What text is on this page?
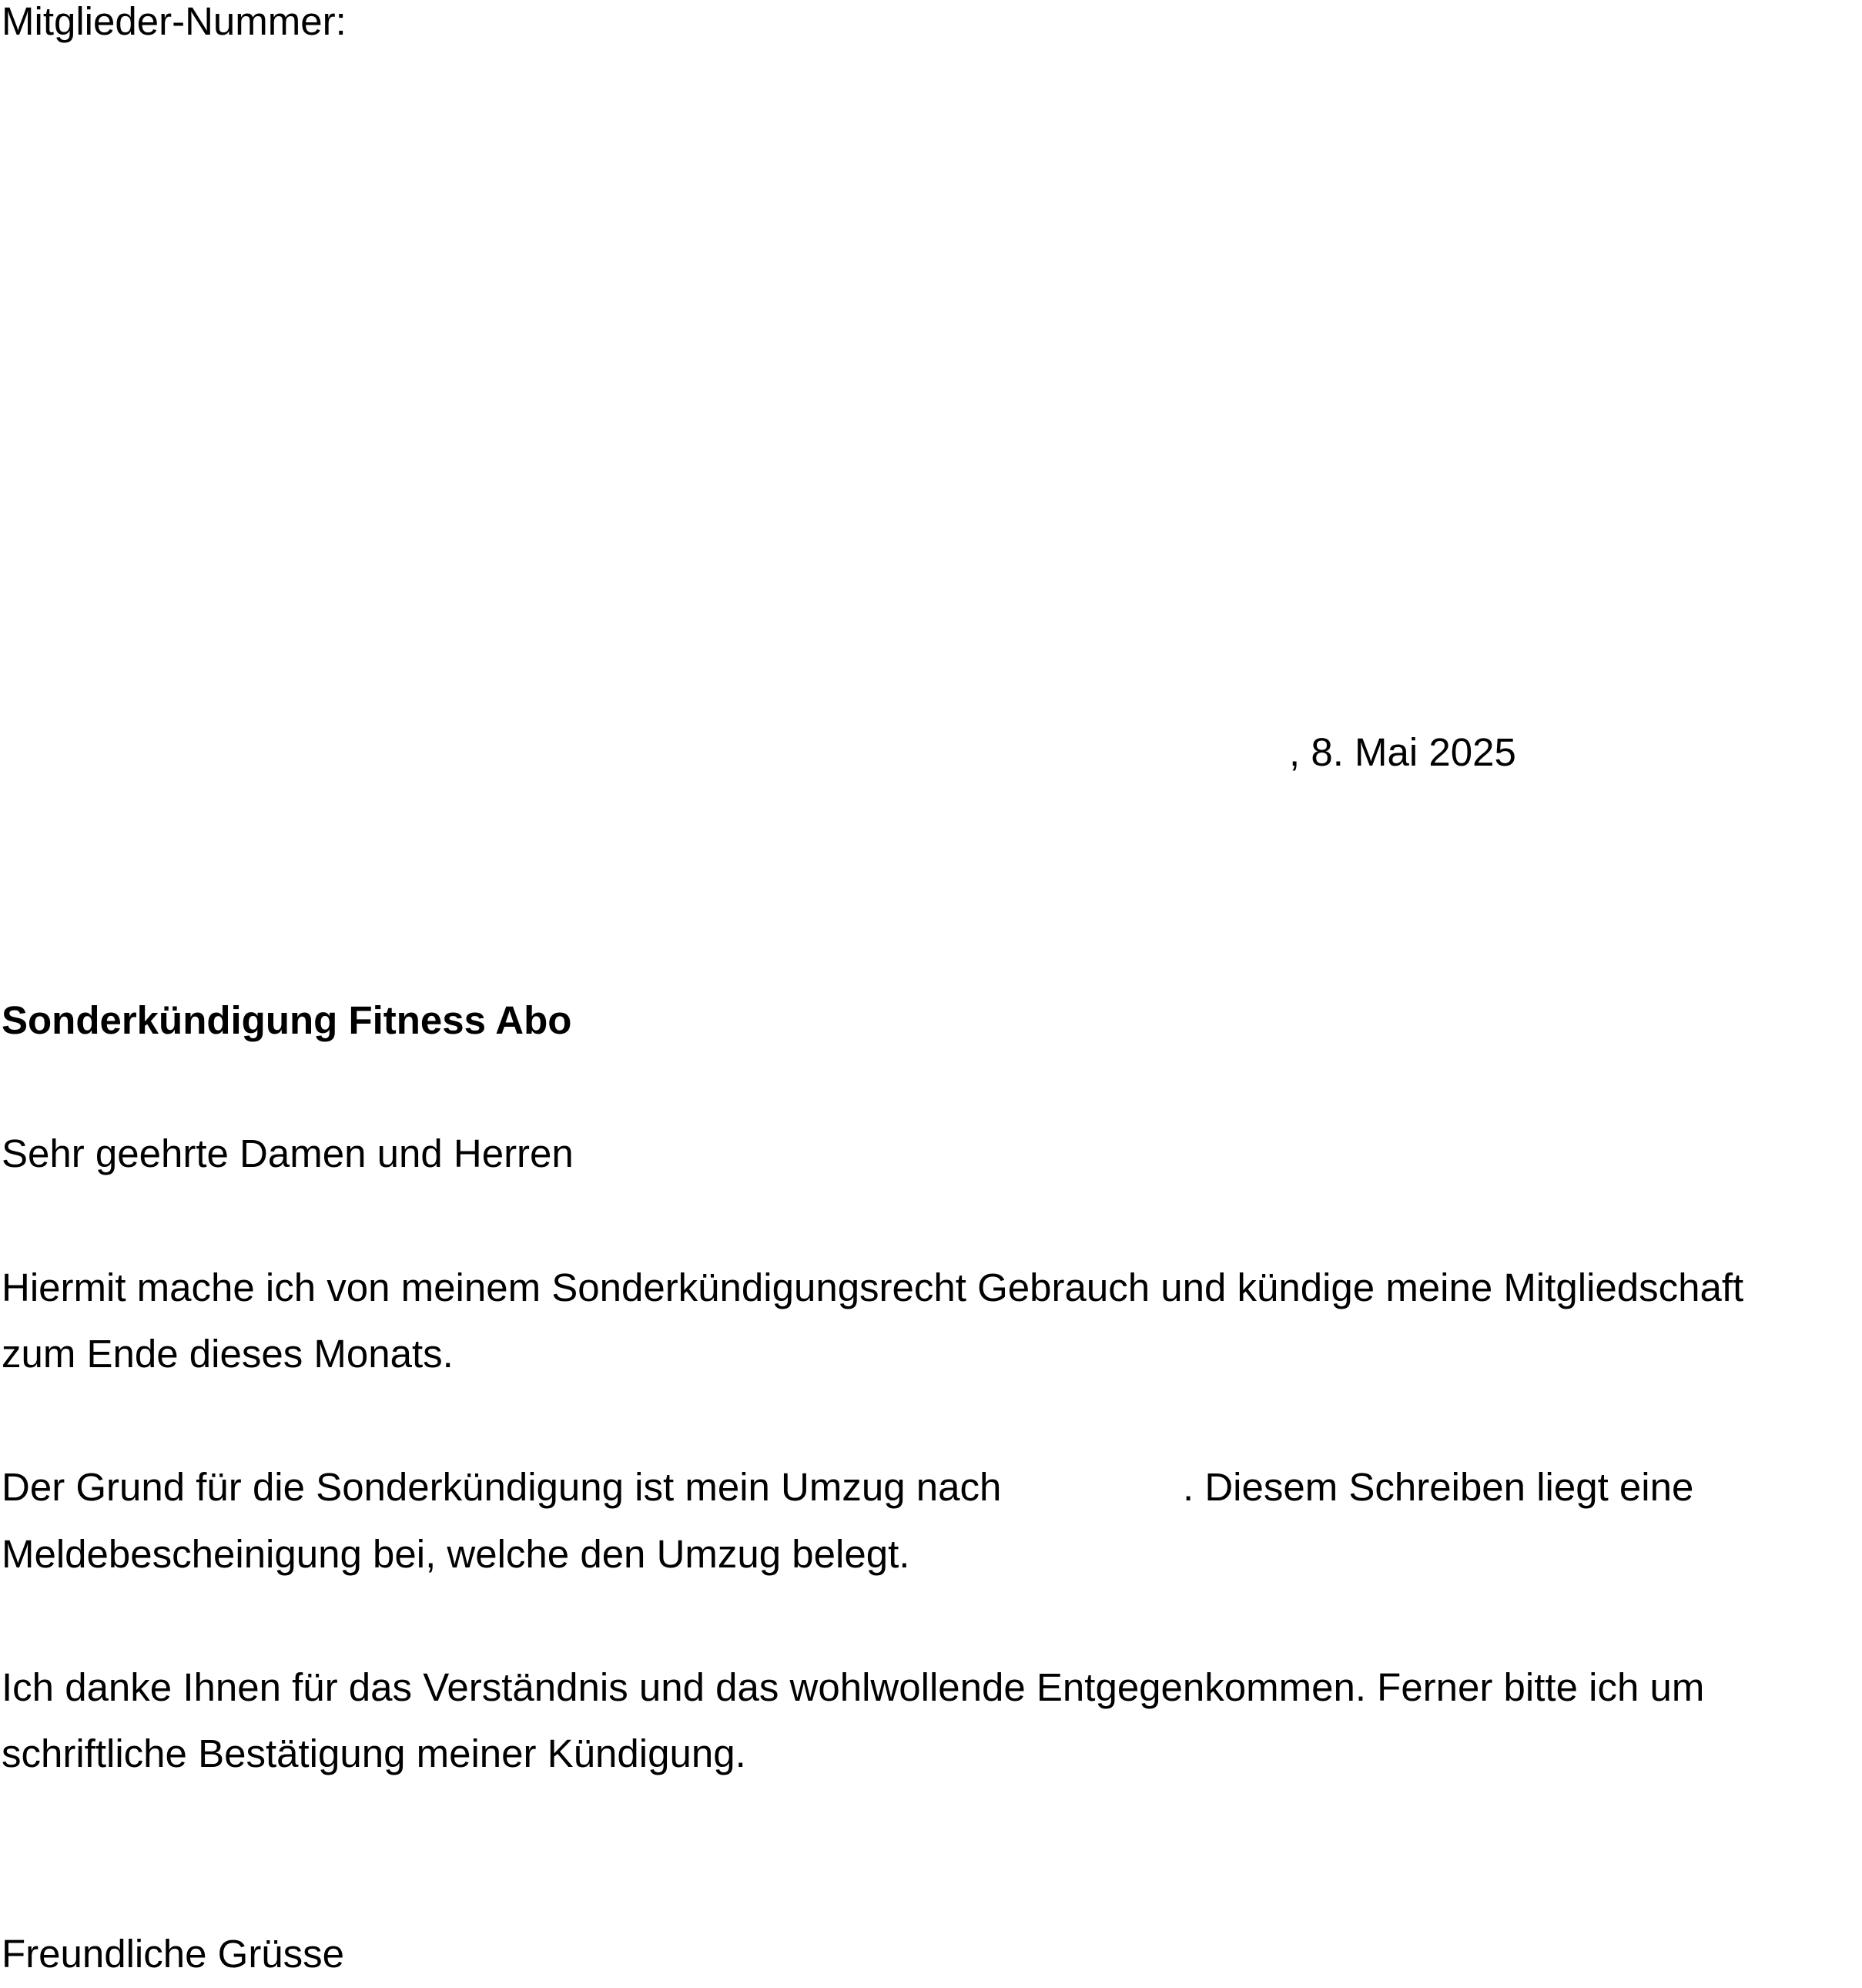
Mitglieder-Nummer:

, 8. Mai 2025

Sonderkündigung Fitness Abo

Sehr geehrte Damen und Herren

Hiermit mache ich von meinem Sonderkündigungsrecht Gebrauch und kündige meine Mitgliedschaft

zum Ende dieses Monats.

Der Grund für die Sonderkündigung ist mein Umzug nach	. Diesem Schreiben liegt eine

Meldebescheinigung bei, welche den Umzug belegt.

Ich danke Ihnen für das Verständnis und das wohlwollende Entgegenkommen. Ferner bitte ich um

schriftliche Bestätigung meiner Kündigung.

Freundliche Grüsse
